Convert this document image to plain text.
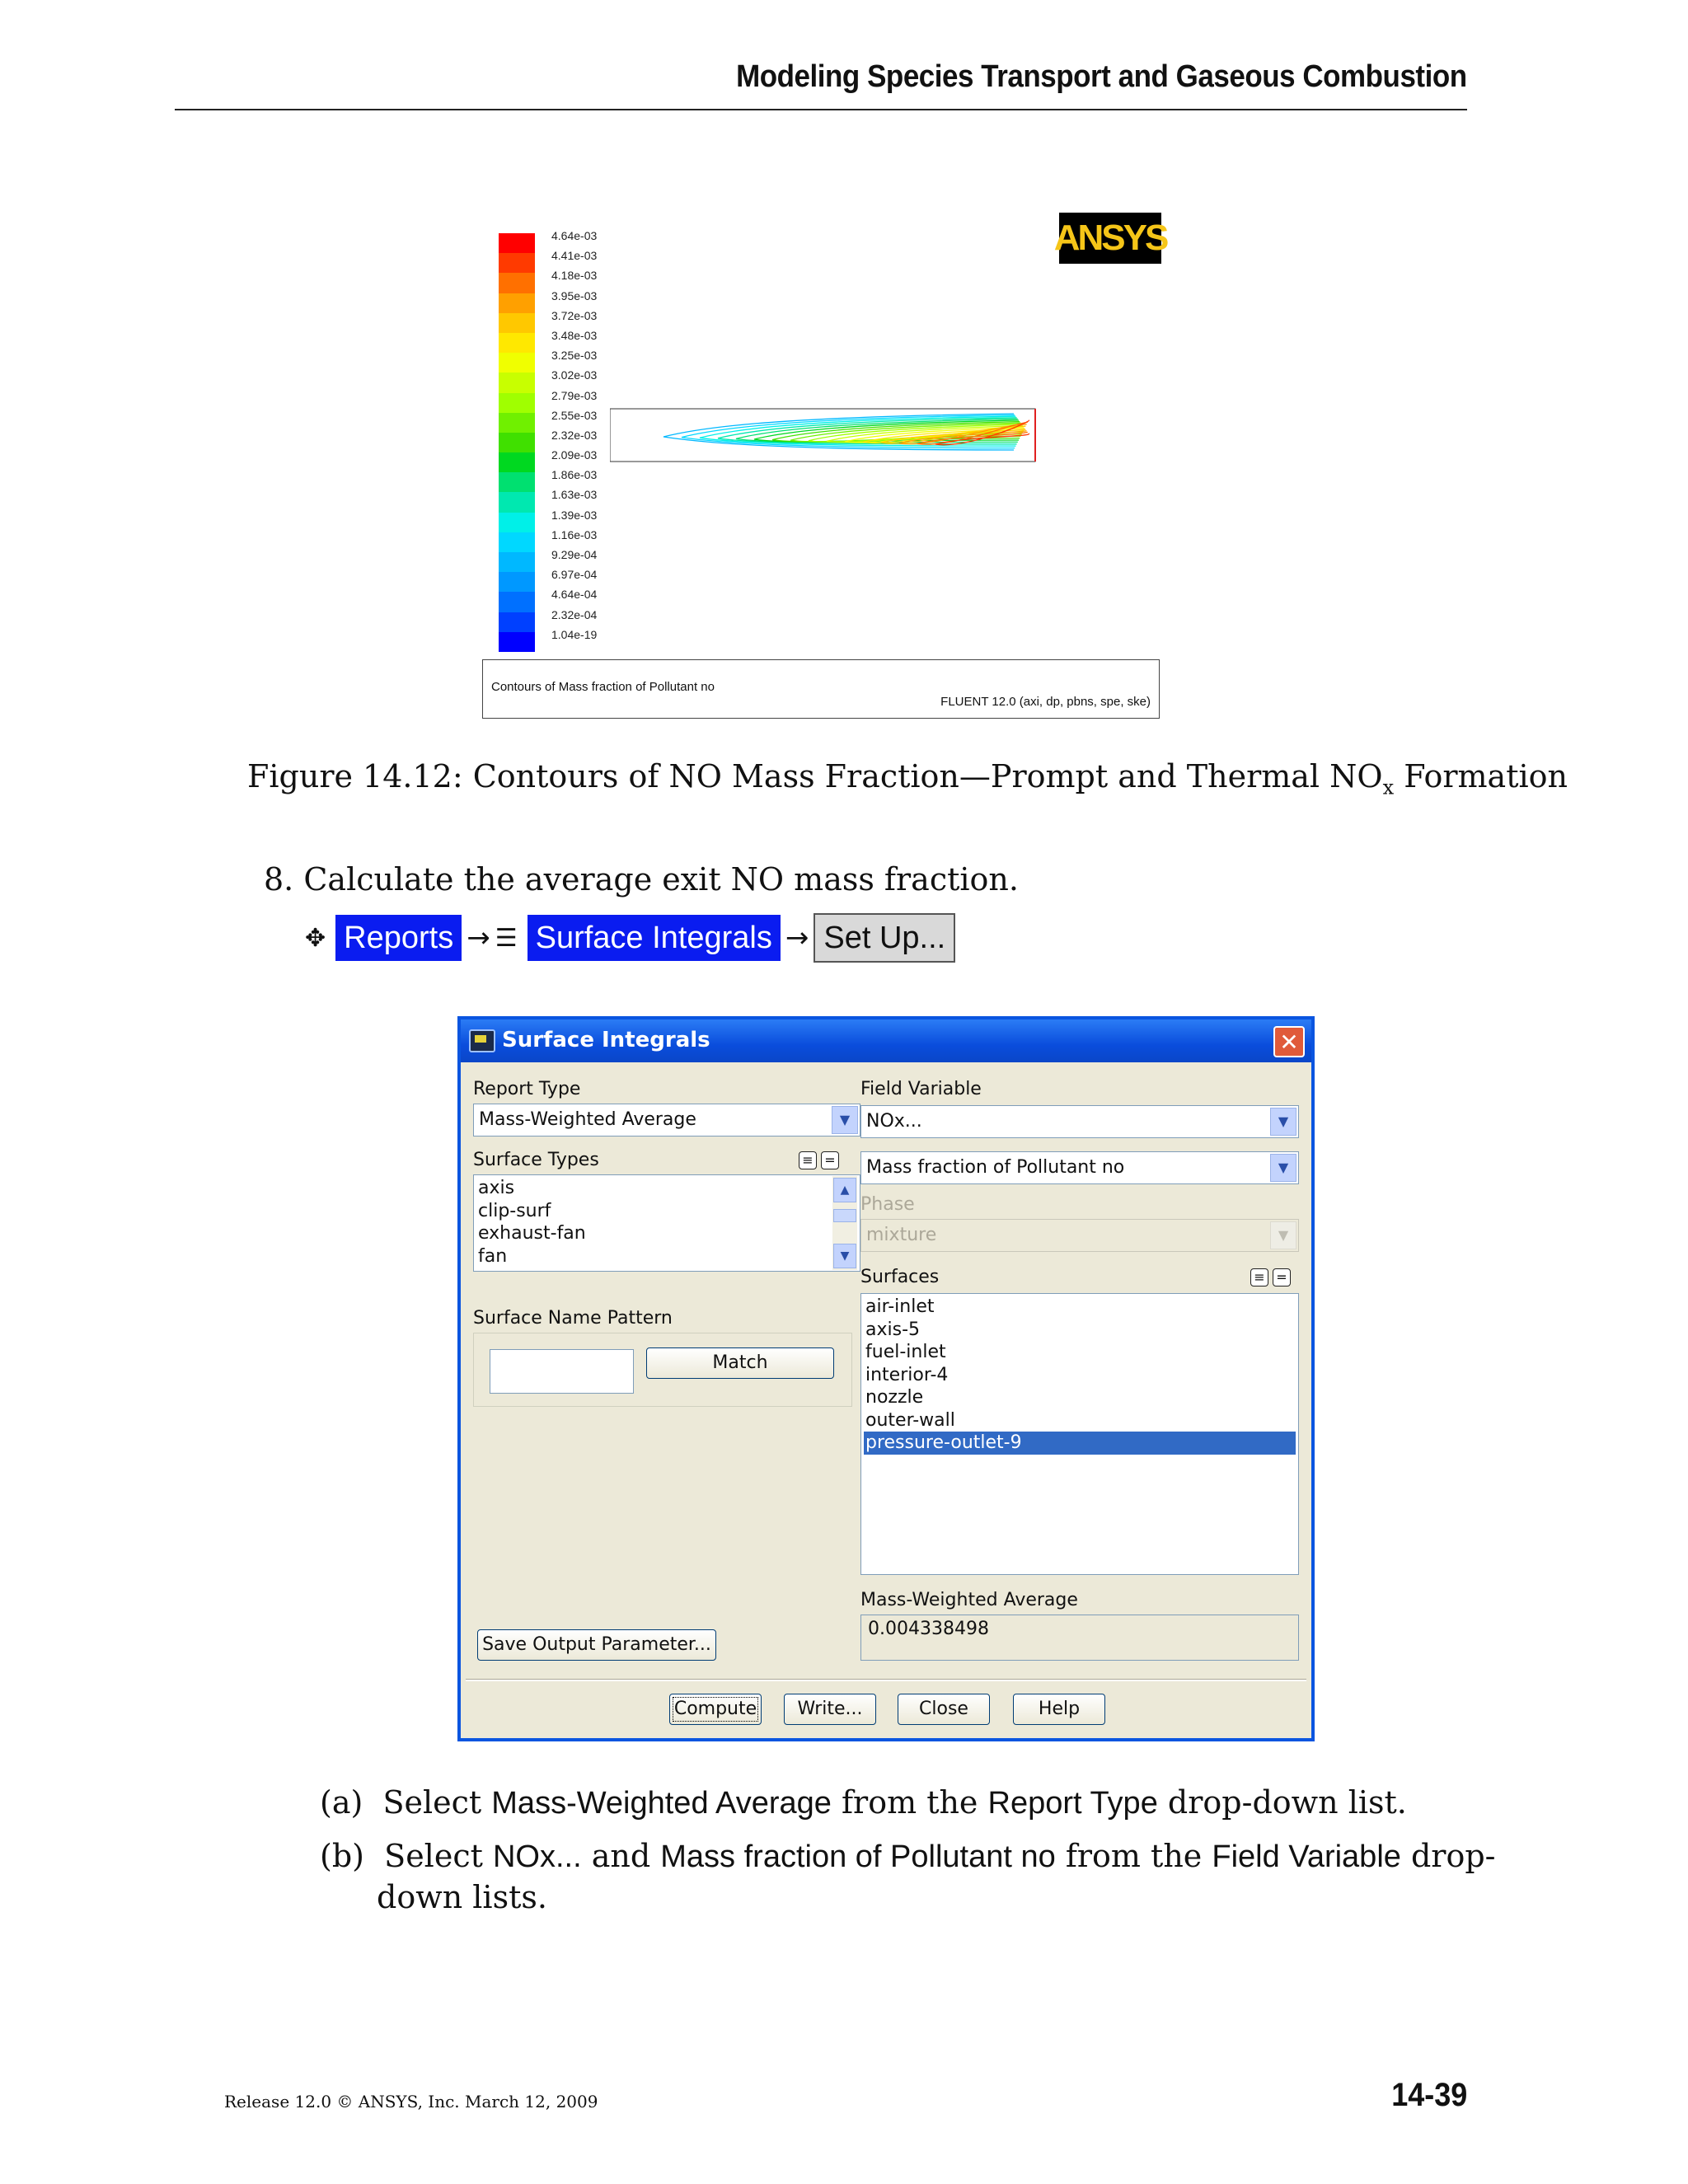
Modeling Species Transport and Gaseous Combustion
4.64e-03
4.41e-03
4.18e-03
3.95e-03
3.72e-03
3.48e-03
3.25e-03
3.02e-03
2.79e-03
2.55e-03
2.32e-03
2.09e-03
1.86e-03
1.63e-03
1.39e-03
1.16e-03
9.29e-04
6.97e-04
4.64e-04
2.32e-04
1.04e-19
ANSYS
Contours of Mass fraction of Pollutant no
FLUENT 12.0 (axi, dp, pbns, spe, ske)
Figure 14.12: Contours of NO Mass Fraction—Prompt and Thermal $NO_x$ Formation
8. Calculate the average exit NO mass fraction.
✥ Reports → ☰ Surface Integrals → Set Up...
Surface Integrals	✕
Report Type
Mass-Weighted Average	▼
Surface Types	≡ =
axis
clip-surf
exhaust-fan
fan
▲
▼
Surface Name Pattern
Match
Save Output Parameter...
Field Variable
NOx...	▼
Mass fraction of Pollutant no	▼
Phase
mixture	▼
Surfaces	≡ =
air-inlet
axis-5
fuel-inlet
interior-4
nozzle
outer-wall
pressure-outlet-9
Mass-Weighted Average
0.004338498
Compute	Write...	Close	Help
(a) Select Mass-Weighted Average from the Report Type drop-down list.
(b) Select NOx... and Mass fraction of Pollutant no from the Field Variable drop-
down lists.
Release 12.0 © ANSYS, Inc. March 12, 2009	14-39
